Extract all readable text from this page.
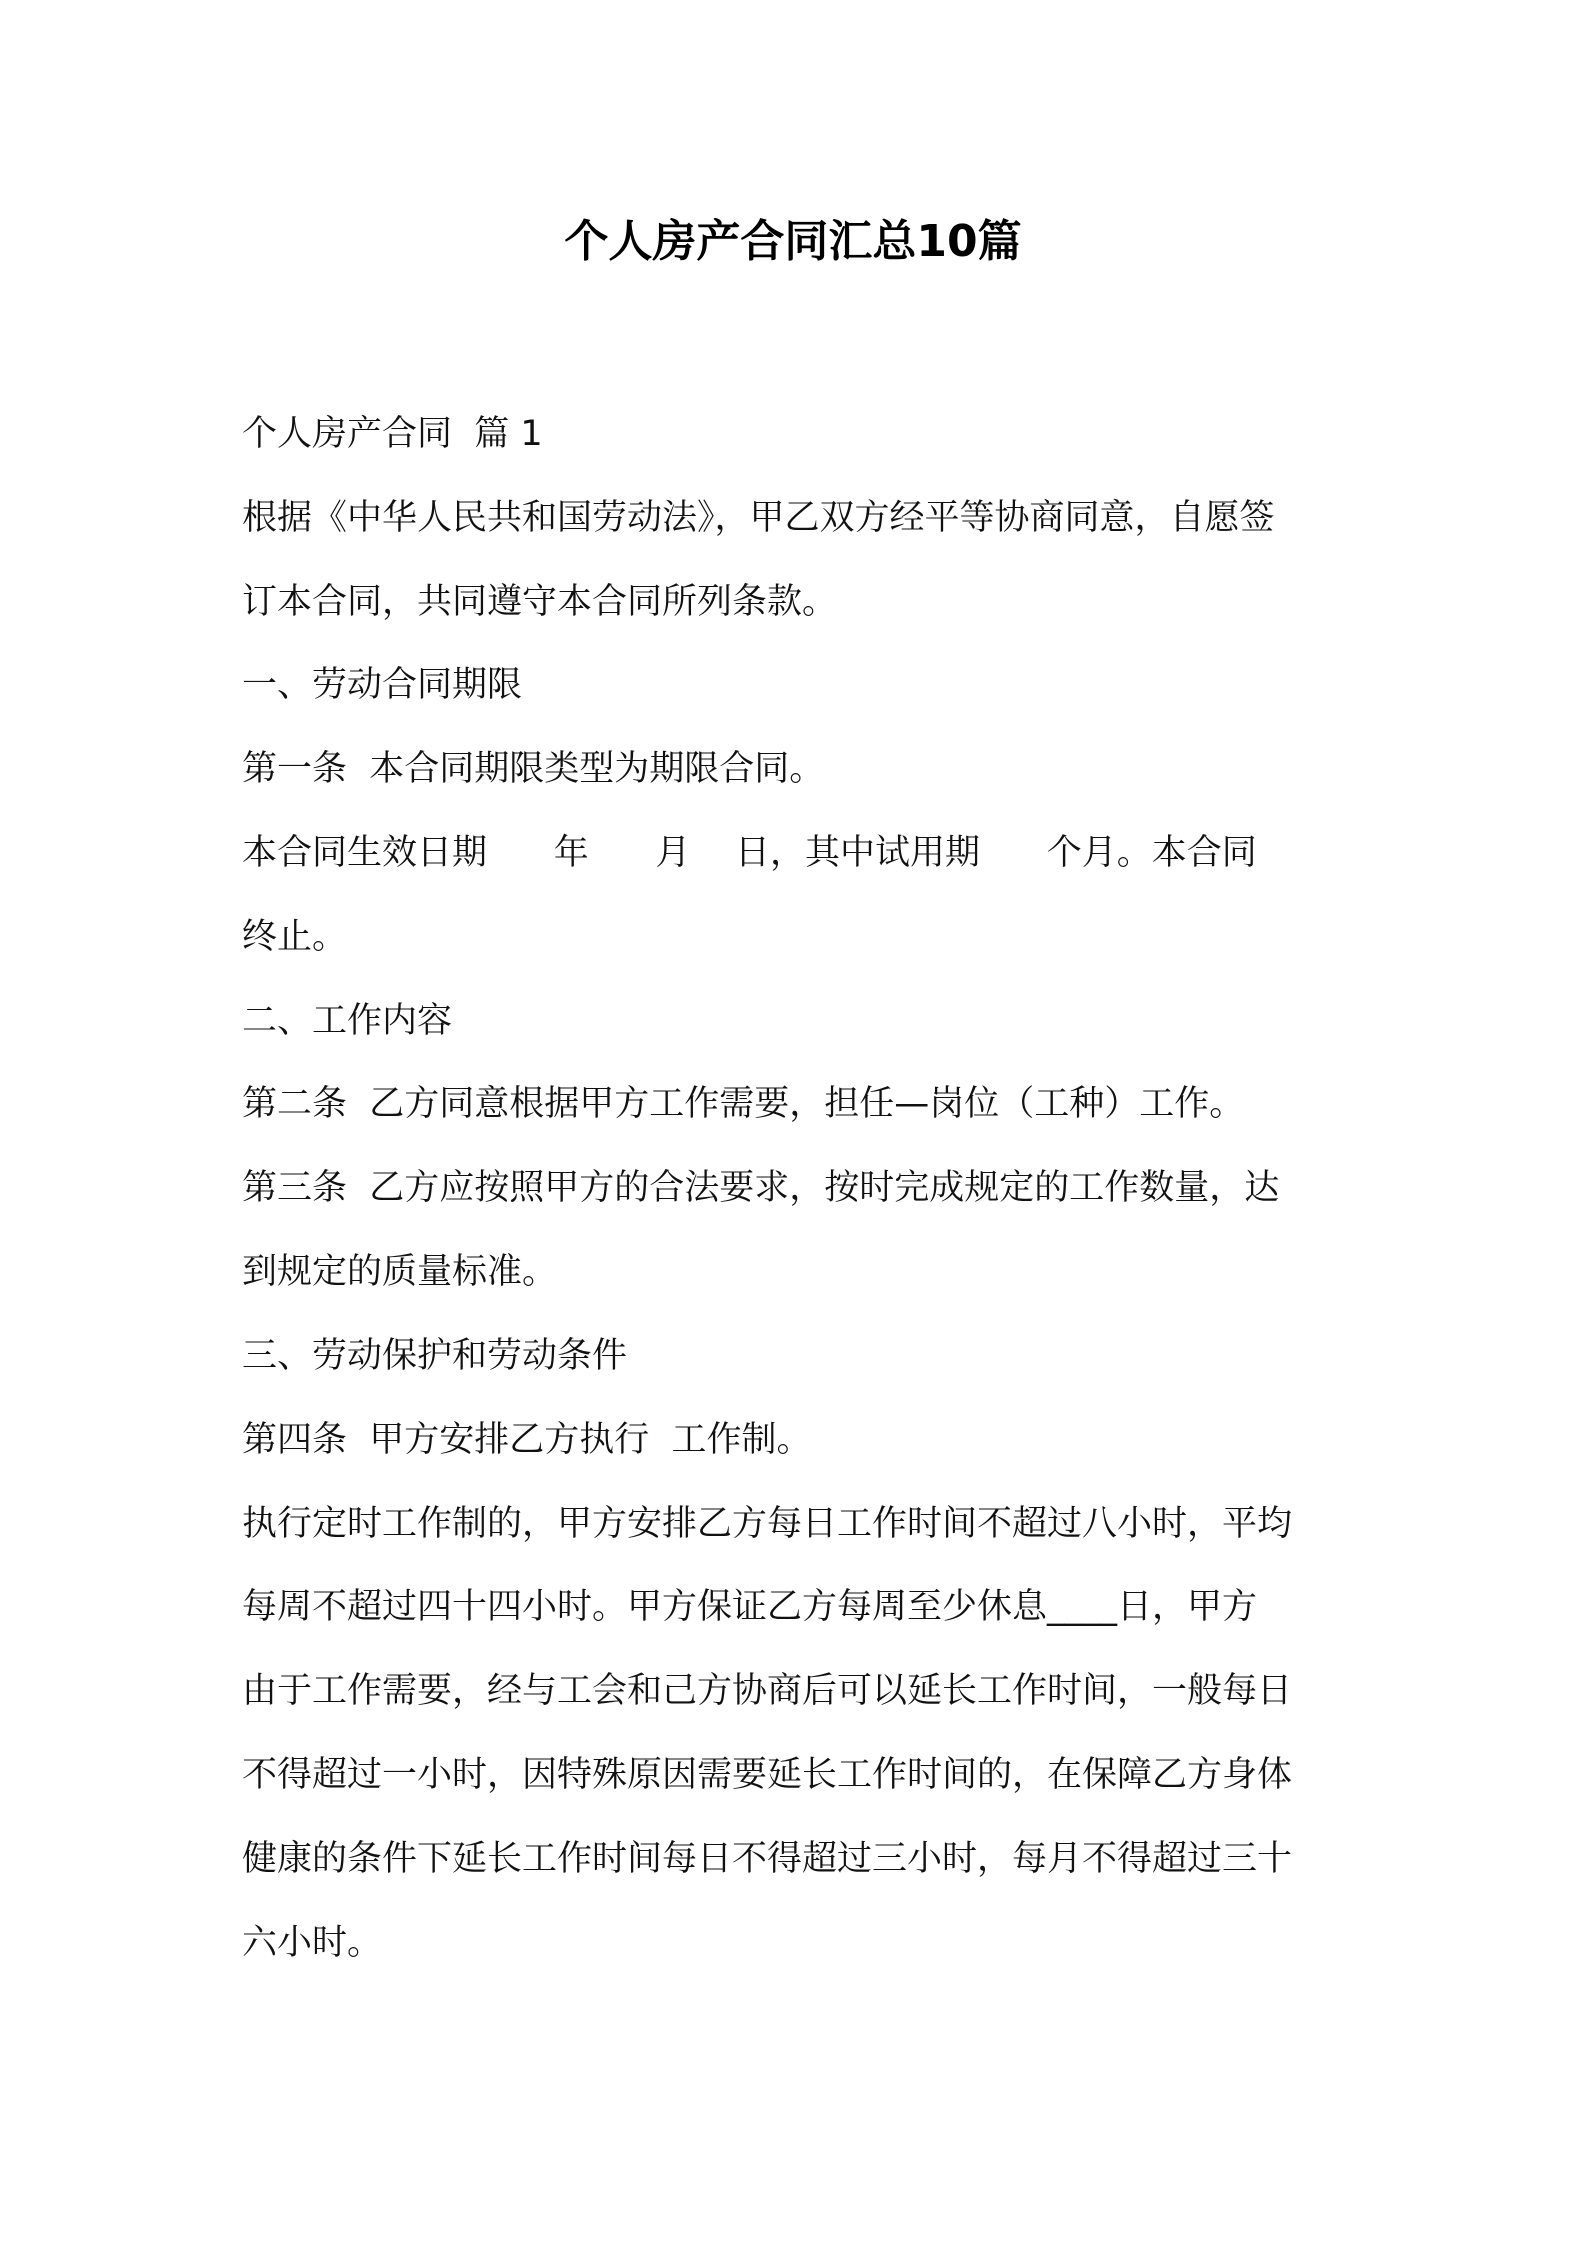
个人房产合同汇总10篇
个人房产合同  篇 1
根据《中华人民共和国劳动法》，甲乙双方经平等协商同意，自愿签
订本合同，共同遵守本合同所列条款。
一、劳动合同期限
第一条  本合同期限类型为期限合同。
本合同生效日期      年      月    日，其中试用期      个月。本合同
终止。
二、工作内容
第二条  乙方同意根据甲方工作需要，担任—岗位（工种）工作。
第三条  乙方应按照甲方的合法要求，按时完成规定的工作数量，达
到规定的质量标准。
三、劳动保护和劳动条件
第四条  甲方安排乙方执行  工作制。
执行定时工作制的，甲方安排乙方每日工作时间不超过八小时，平均
每周不超过四十四小时。甲方保证乙方每周至少休息____日，甲方
由于工作需要，经与工会和己方协商后可以延长工作时间，一般每日
不得超过一小时，因特殊原因需要延长工作时间的，在保障乙方身体
健康的条件下延长工作时间每日不得超过三小时，每月不得超过三十
六小时。
